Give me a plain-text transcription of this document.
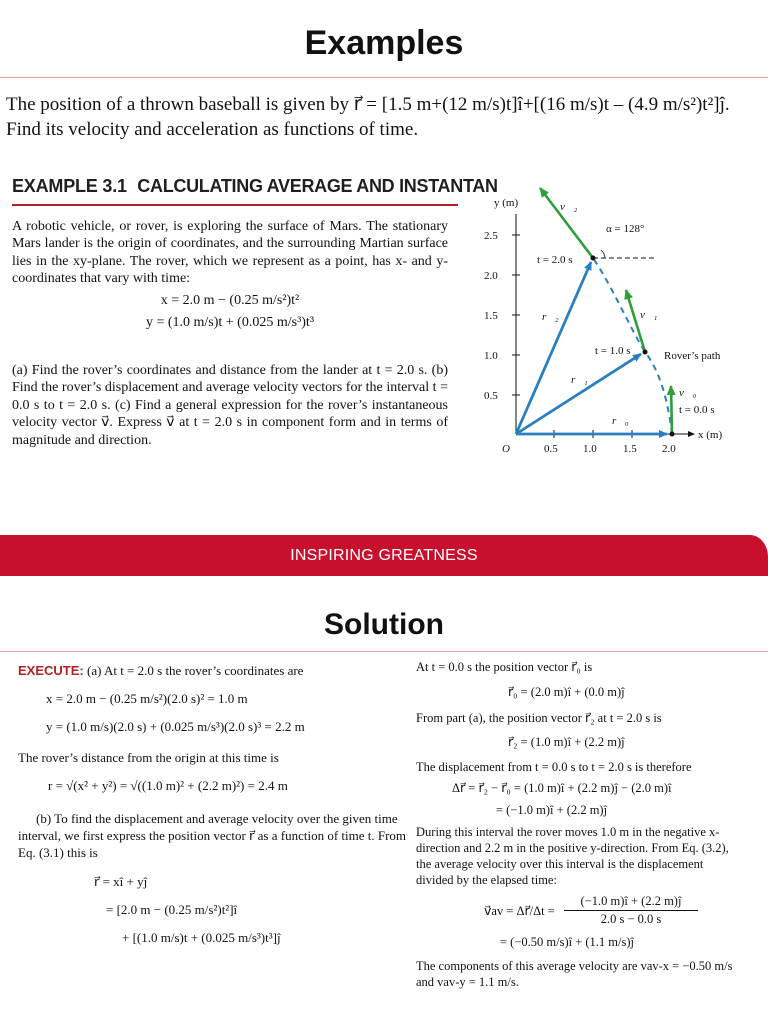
Examples
The position of a thrown baseball is given by r⃗ = [1.5 m+(12 m/s)t]î+[(16 m/s)t – (4.9 m/s²)t²]ĵ. Find its velocity and acceleration as functions of time.
EXAMPLE 3.1 CALCULATING AVERAGE AND INSTANTAN
A robotic vehicle, or rover, is exploring the surface of Mars. The stationary Mars lander is the origin of coordinates, and the surrounding Martian surface lies in the xy-plane. The rover, which we represent as a point, has x- and y-coordinates that vary with time:
x = 2.0 m − (0.25 m/s²)t²
y = (1.0 m/s)t + (0.025 m/s³)t³
(a) Find the rover’s coordinates and distance from the lander at t = 2.0 s. (b) Find the rover’s displacement and average velocity vectors for the interval t = 0.0 s to t = 2.0 s. (c) Find a general expression for the rover’s instantaneous velocity vector v⃗. Express v⃗ at t = 2.0 s in component form and in terms of magnitude and direction.
y (m)
2.5
2.0
1.5
1.0
0.5
O	0.5 1.0 1.5 2.0
x (m)
v⃗₂
α = 128°
t = 2.0 s
r⃗₂	v⃗₁
t = 1.0 s	Rover’s path
r⃗₁
v⃗₀
t = 0.0 s
r⃗₀
INSPIRING GREATNESS
Solution
EXECUTE: (a) At t = 2.0 s the rover’s coordinates are
x = 2.0 m − (0.25 m/s²)(2.0 s)² = 1.0 m
y = (1.0 m/s)(2.0 s) + (0.025 m/s³)(2.0 s)³ = 2.2 m
The rover’s distance from the origin at this time is
r = √(x² + y²) = √((1.0 m)² + (2.2 m)²) = 2.4 m
(b) To find the displacement and average velocity over the given time interval, we first express the position vector r⃗ as a function of time t. From Eq. (3.1) this is
r⃗ = xî + yĵ
= [2.0 m − (0.25 m/s²)t²]î
+ [(1.0 m/s)t + (0.025 m/s³)t³]ĵ
At t = 0.0 s the position vector r⃗₀ is
r⃗₀ = (2.0 m)î + (0.0 m)ĵ
From part (a), the position vector r⃗₂ at t = 2.0 s is
r⃗₂ = (1.0 m)î + (2.2 m)ĵ
The displacement from t = 0.0 s to t = 2.0 s is therefore
Δr⃗ = r⃗₂ − r⃗₀ = (1.0 m)î + (2.2 m)ĵ − (2.0 m)î
= (−1.0 m)î + (2.2 m)ĵ
During this interval the rover moves 1.0 m in the negative x-direction and 2.2 m in the positive y-direction. From Eq. (3.2), the average velocity over this interval is the displacement divided by the elapsed time:
v⃗av = Δr⃗/Δt = $\frac{(-1.0 m)î + (2.2 m)ĵ}{2.0 s - 0.0 s}$
= (−0.50 m/s)î + (1.1 m/s)ĵ
The components of this average velocity are vav-x = −0.50 m/s and vav-y = 1.1 m/s.
